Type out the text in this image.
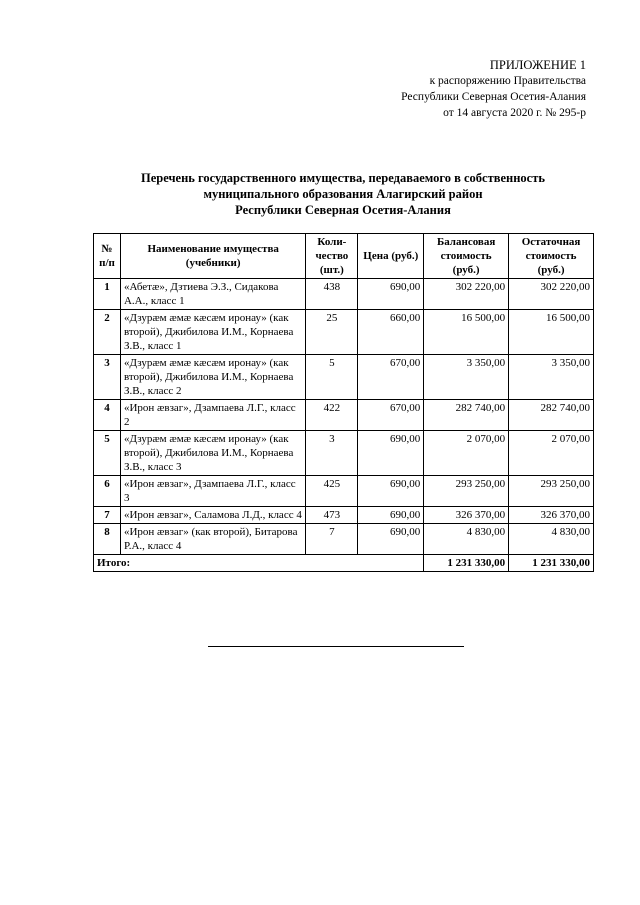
ПРИЛОЖЕНИЕ 1
к распоряжению Правительства
Республики Северная Осетия-Алания
от 14 августа 2020 г. № 295-р
Перечень государственного имущества, передаваемого в собственность
муниципального образования Алагирский район
Республики Северная Осетия-Алания
№ п/п	Наименование имущества (учебники)	Коли-чество (шт.)	Цена (руб.)	Балансовая стоимость (руб.)	Остаточная стоимость (руб.)
1	«Абетæ», Дзтиева Э.З., Сидакова А.А., класс 1	438	690,00	302 220,00	302 220,00
2	«Дзурæм æмæ кæсæм иронау» (как второй), Джибилова И.М., Корнаева З.В., класс 1	25	660,00	16 500,00	16 500,00
3	«Дзурæм æмæ кæсæм иронау» (как второй), Джибилова И.М., Корнаева З.В., класс 2	5	670,00	3 350,00	3 350,00
4	«Ирон æвзаг», Дзампаева Л.Г., класс 2	422	670,00	282 740,00	282 740,00
5	«Дзурæм æмæ кæсæм иронау» (как второй), Джибилова И.М., Корнаева З.В., класс 3	3	690,00	2 070,00	2 070,00
6	«Ирон æвзаг», Дзампаева Л.Г., класс 3	425	690,00	293 250,00	293 250,00
7	«Ирон æвзаг», Саламова Л.Д., класс 4	473	690,00	326 370,00	326 370,00
8	«Ирон æвзаг» (как второй), Битарова Р.А., класс 4	7	690,00	4 830,00	4 830,00
Итого:				1 231 330,00	1 231 330,00
